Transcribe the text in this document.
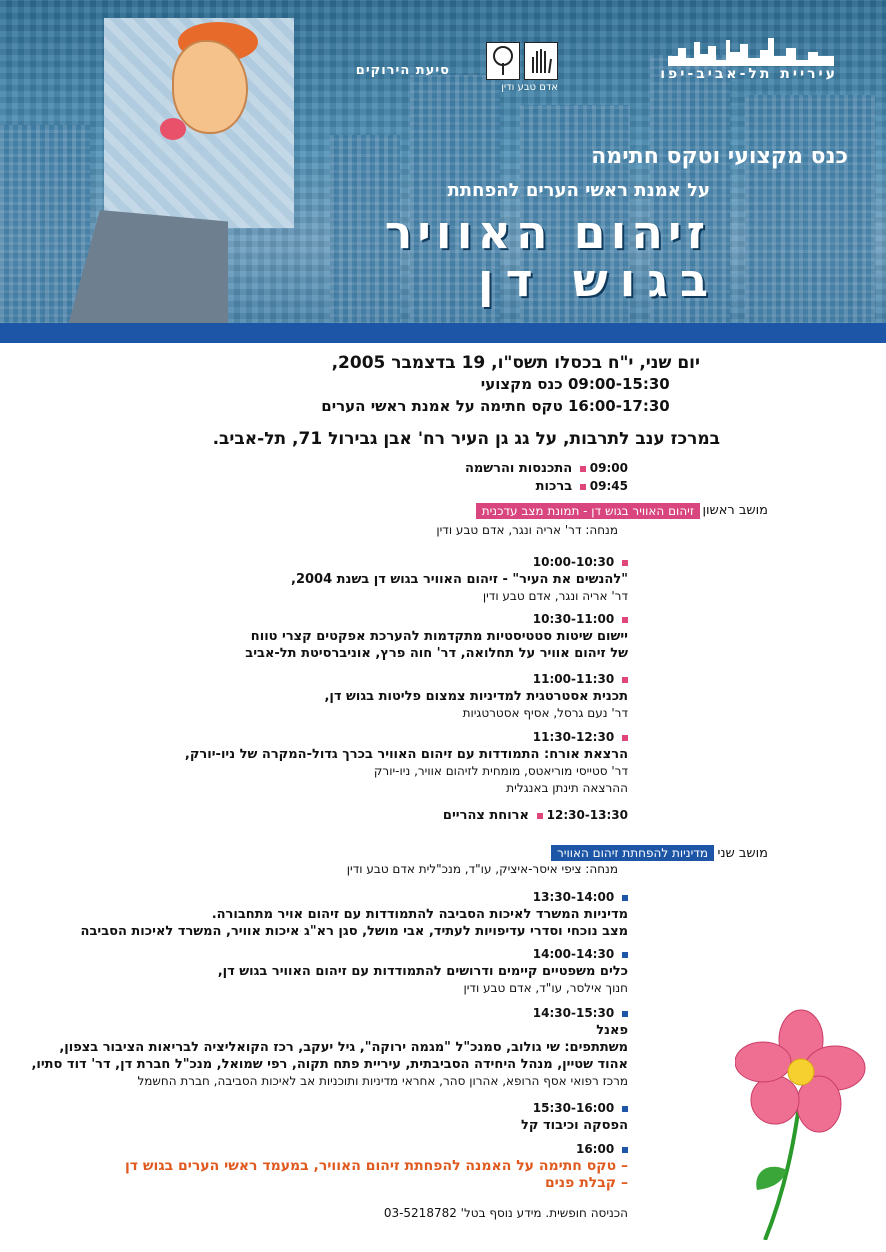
עיריית תל-אביב-יפו
אדם טבע ודין
סיעת הירוקים
כנס מקצועי וטקס חתימה
על אמנת ראשי הערים להפחתת
זיהום האוויר
בגוש דן
יום שני, י"ח בכסלו תשס"ו, 19 בדצמבר 2005,
09:00-15:30 כנס מקצועי
16:00-17:30 טקס חתימה על אמנת ראשי הערים
במרכז ענב לתרבות, על גג גן העיר רח' אבן גבירול 71, תל-אביב.
09:00  התכנסות והרשמה
09:45  ברכות
מושב ראשון
זיהום האוויר בגוש דן - תמונת מצב עדכנית
מנחה: דר' אריה ונגר, אדם טבע ודין
10:00-10:30
"להנשים את העיר" - זיהום האוויר בגוש דן בשנת 2004,
דר' אריה ונגר, אדם טבע ודין
10:30-11:00
יישום שיטות סטטיסטיות מתקדמות להערכת אפקטים קצרי טווח
של זיהום אוויר על תחלואה, דר' חוה פרץ, אוניברסיטת תל-אביב
11:00-11:30
תכנית אסטרטגית למדיניות צמצום פליטות בגוש דן,
דר' נעם גרסל, אסיף אסטרטגיות
11:30-12:30
הרצאת אורח: התמודדות עם זיהום האוויר בכרך גדול-המקרה של ניו-יורק,
דר' סטייסי מוריאטס, מומחית לזיהום אוויר, ניו-יורק
ההרצאה תינתן באנגלית
12:30-13:30  ארוחת צהריים
מושב שני
מדיניות להפחתת זיהום האוויר
מנחה: ציפי איסר-איציק, עו"ד, מנכ"לית אדם טבע ודין
13:30-14:00
מדיניות המשרד לאיכות הסביבה להתמודדות עם זיהום אויר מתחבורה.
מצב נוכחי וסדרי עדיפויות לעתיד, אבי מושל, סגן רא"ג איכות אוויר, המשרד לאיכות הסביבה
14:00-14:30
כלים משפטיים קיימים ודרושים להתמודדות עם זיהום האוויר בגוש דן,
חנוך אילסר, עו"ד, אדם טבע ודין
14:30-15:30
פאנל
משתתפים: שי גולוב, סמנכ"ל "מגמה ירוקה", גיל יעקב, רכז הקואליציה לבריאות הציבור בצפון,
אהוד שטיין, מנהל היחידה הסביבתית, עיריית פתח תקוה, רפי שמואל, מנכ"ל חברת דן, דר' דוד סתיו,
מרכז רפואי אסף הרופא, אהרון סהר, אחראי מדיניות ותוכניות אב לאיכות הסביבה, חברת החשמל
15:30-16:00
הפסקה וכיבוד קל
16:00
– טקס חתימה על האמנה להפחתת זיהום האוויר, במעמד ראשי הערים בגוש דן
– קבלת פנים
הכניסה חופשית. מידע נוסף בטל' 03-5218782
